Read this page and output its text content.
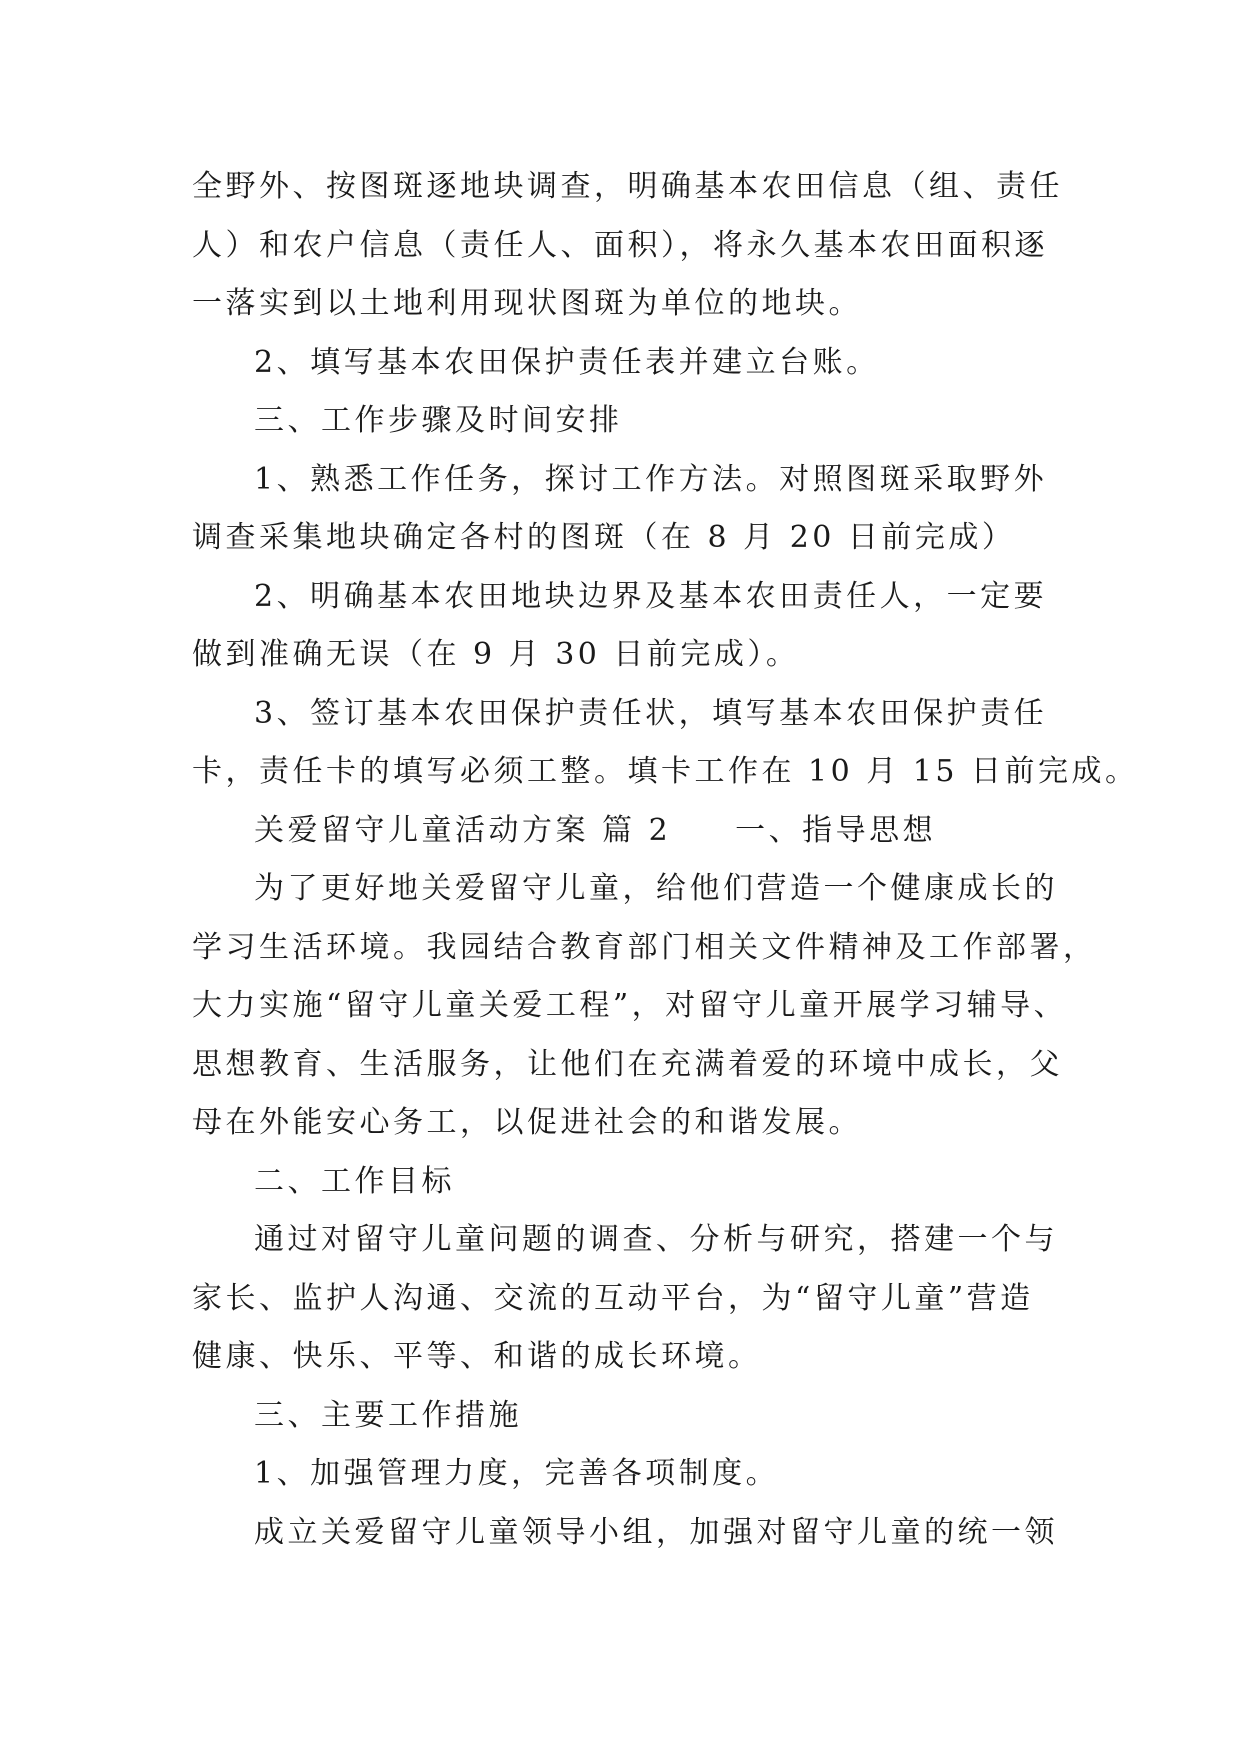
全野外、按图斑逐地块调查，明确基本农田信息（组、责任
人）和农户信息（责任人、面积），将永久基本农田面积逐
一落实到以土地利用现状图斑为单位的地块。
2、填写基本农田保护责任表并建立台账。
三、工作步骤及时间安排
1、熟悉工作任务，探讨工作方法。对照图斑采取野外
调查采集地块确定各村的图斑（在 8 月 20 日前完成）
2、明确基本农田地块边界及基本农田责任人，一定要
做到准确无误（在 9 月 30 日前完成）。
3、签订基本农田保护责任状，填写基本农田保护责任
卡，责任卡的填写必须工整。填卡工作在 10 月 15 日前完成。
关爱留守儿童活动方案 篇 2 一、指导思想
为了更好地关爱留守儿童，给他们营造一个健康成长的
学习生活环境。我园结合教育部门相关文件精神及工作部署，
大力实施“留守儿童关爱工程”，对留守儿童开展学习辅导、
思想教育、生活服务，让他们在充满着爱的环境中成长，父
母在外能安心务工，以促进社会的和谐发展。
二、工作目标
通过对留守儿童问题的调查、分析与研究，搭建一个与
家长、监护人沟通、交流的互动平台，为“留守儿童”营造
健康、快乐、平等、和谐的成长环境。
三、主要工作措施
1、加强管理力度，完善各项制度。
成立关爱留守儿童领导小组，加强对留守儿童的统一领
